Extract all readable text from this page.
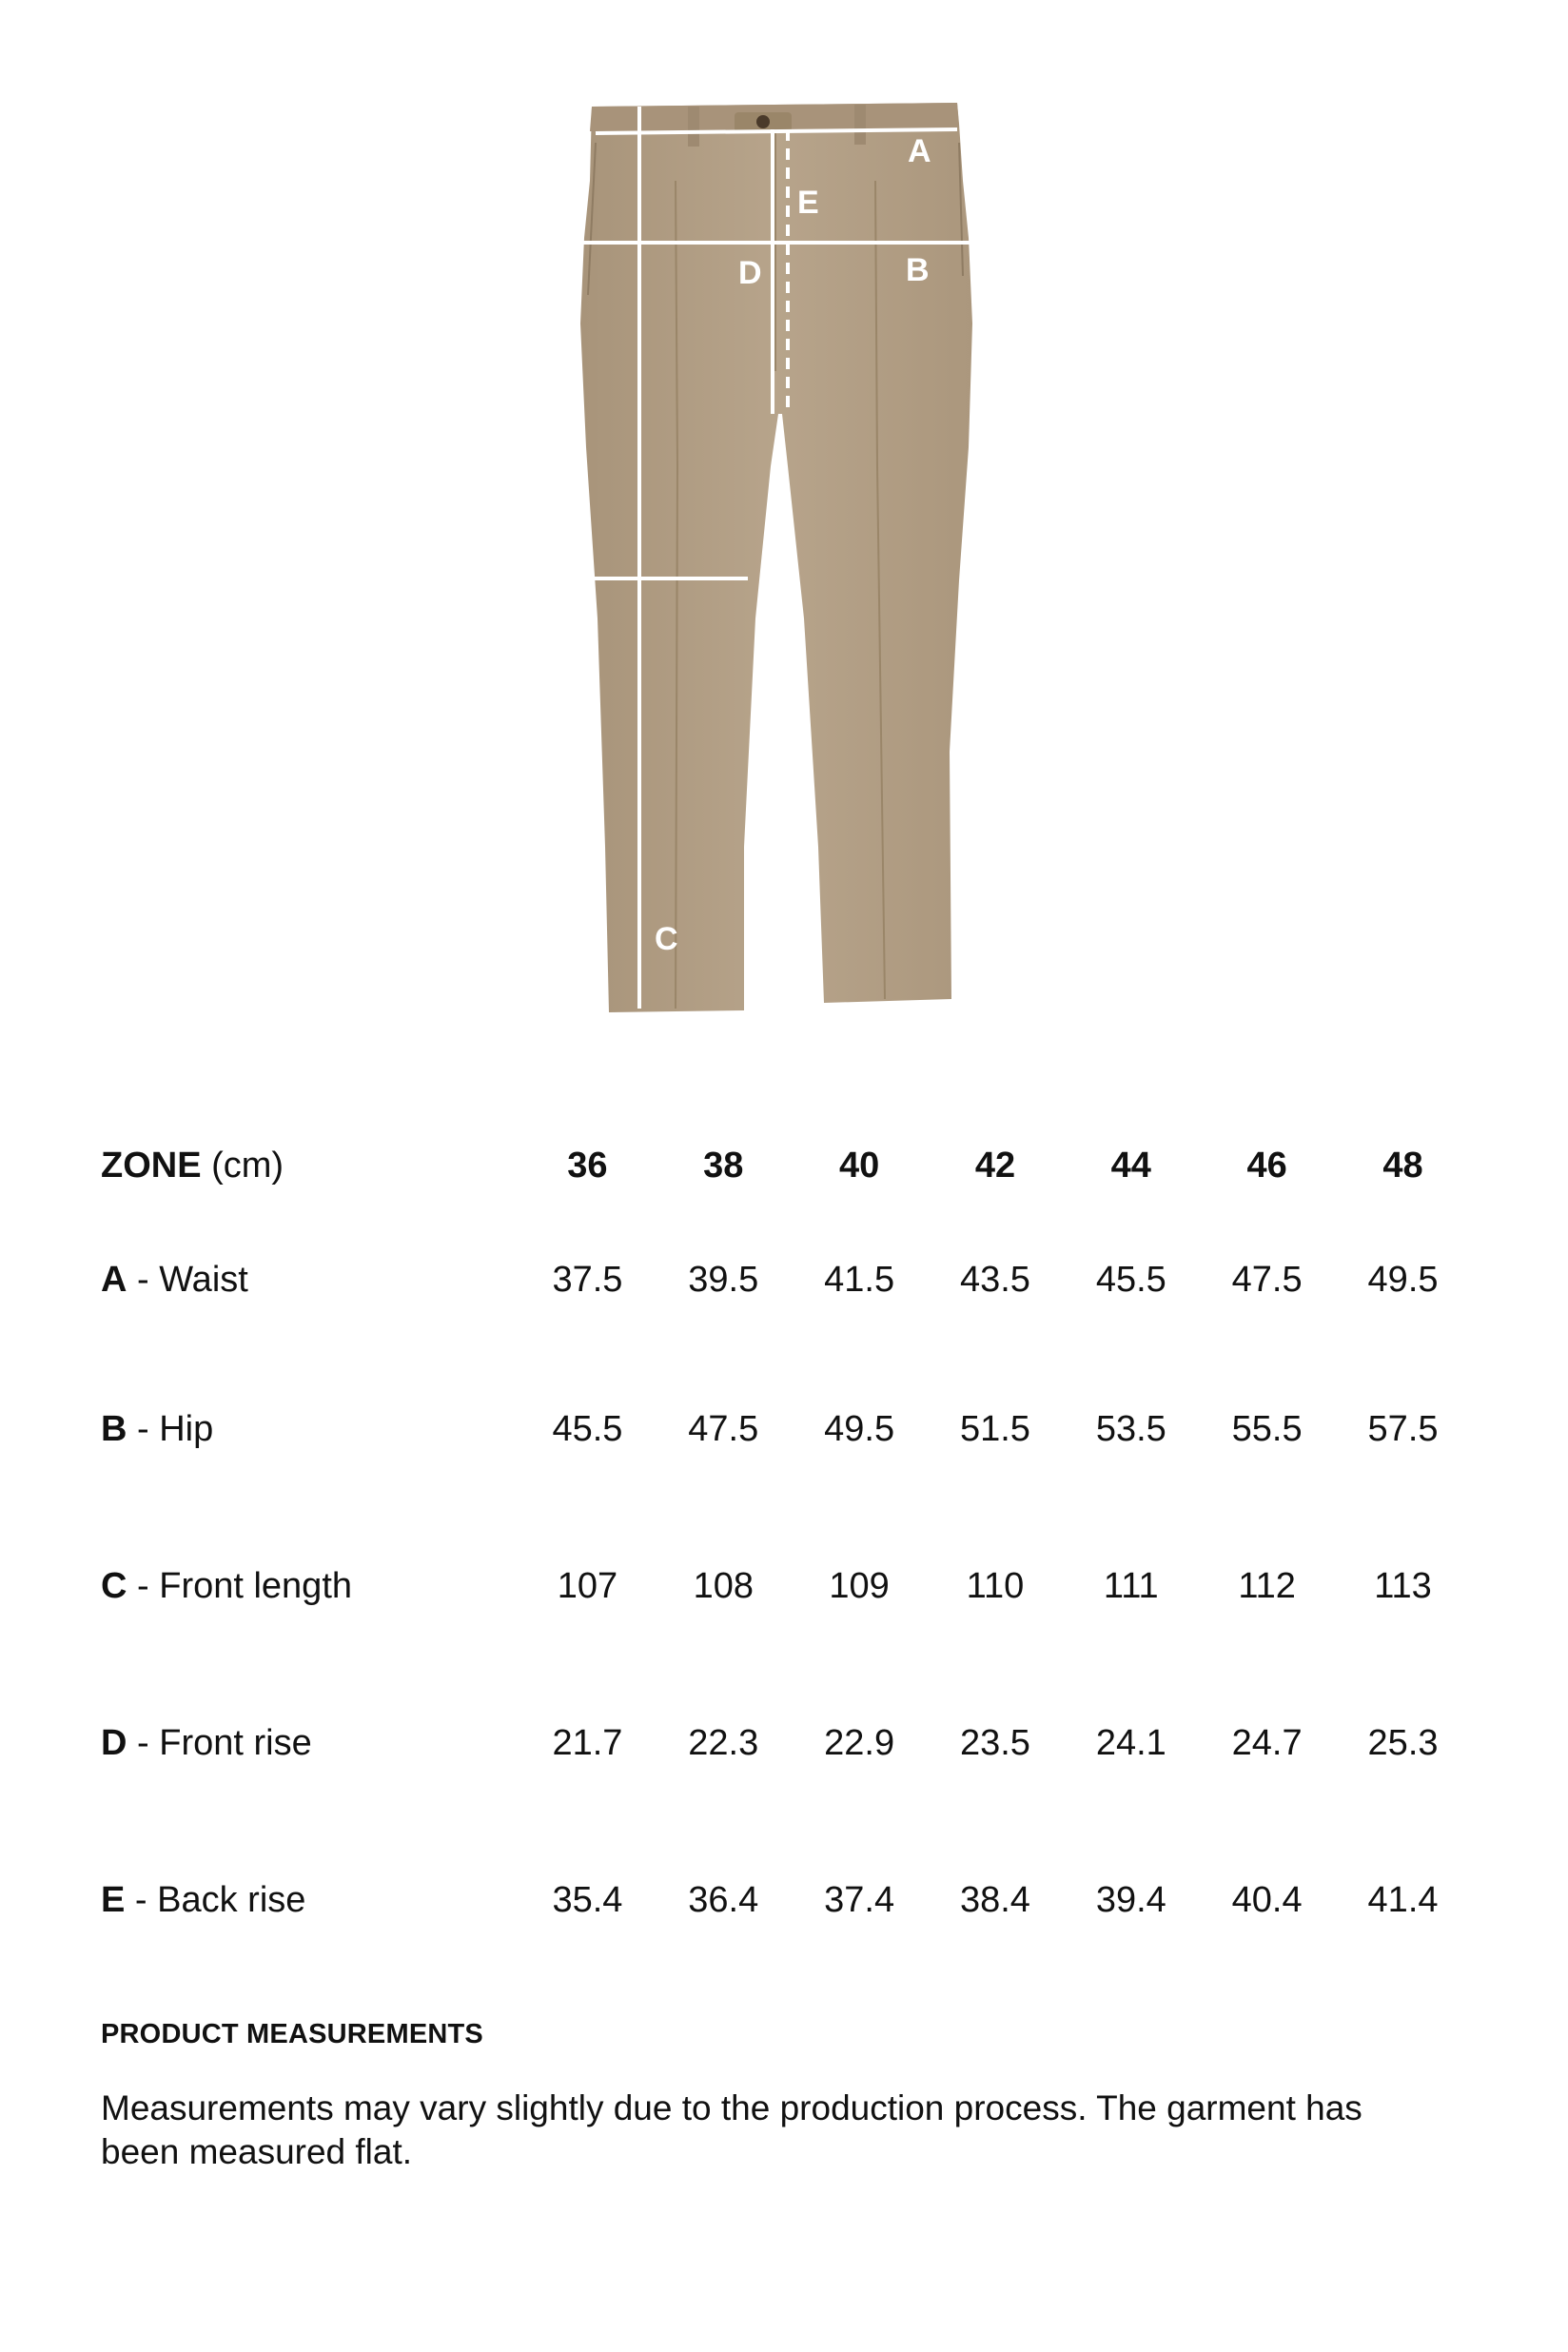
A
B
C
D
E
ZONE (cm)	36	38	40	42	44	46	48
A - Waist	37.5	39.5	41.5	43.5	45.5	47.5	49.5
B - Hip	45.5	47.5	49.5	51.5	53.5	55.5	57.5
C - Front length	107	108	109	110	111	112	113
D - Front rise	21.7	22.3	22.9	23.5	24.1	24.7	25.3
E - Back rise	35.4	36.4	37.4	38.4	39.4	40.4	41.4

PRODUCT MEASUREMENTS

Measurements may vary slightly due to the production process. The garment has been measured flat.
